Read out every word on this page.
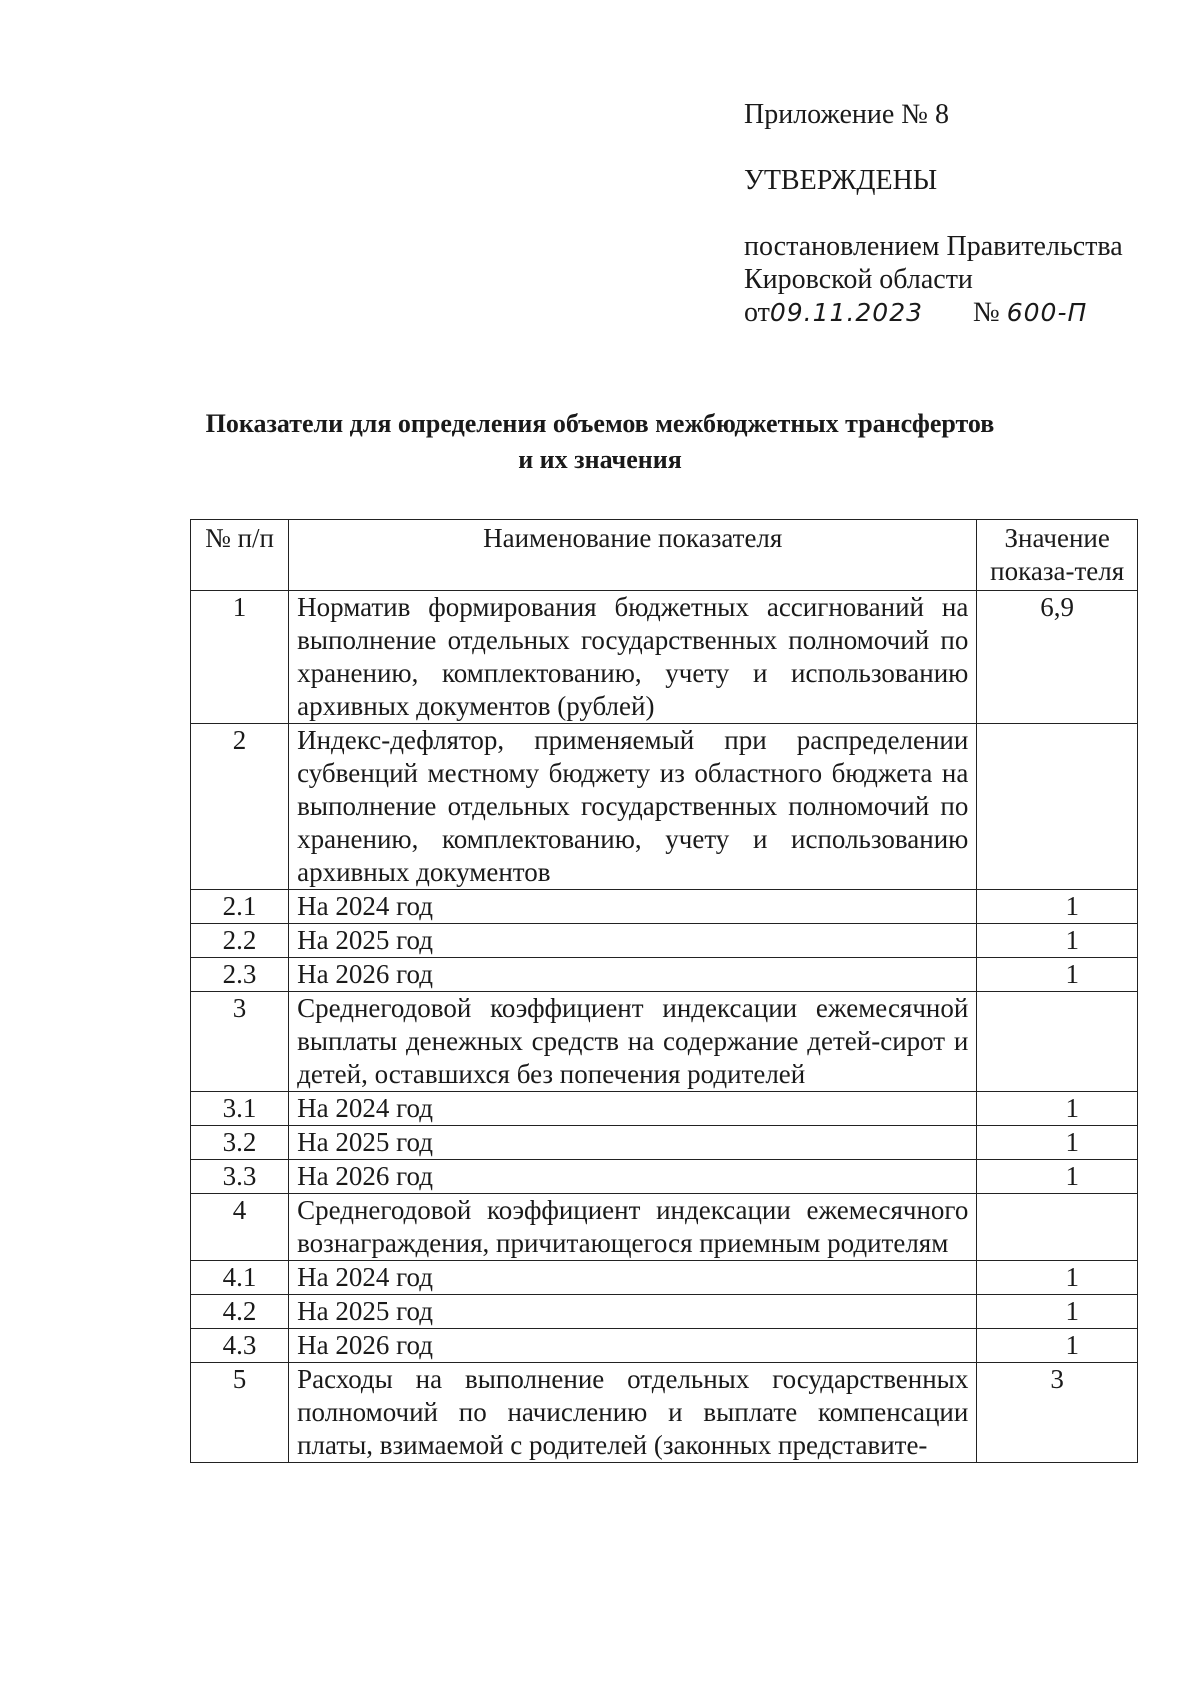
Приложение № 8
УТВЕРЖДЕНЫ
постановлением Правительства
Кировской области
от09.11.2023 № 600-П
Показатели для определения объемов межбюджетных трансфертов
и их значения
№ п/п	Наименование показателя	Значение показа-теля
1	Норматив формирования бюджетных ассигнований на выполнение отдельных государственных полномочий по хранению, комплектованию, учету и использованию архивных документов (рублей)	6,9
2	Индекс-дефлятор, применяемый при распределении субвенций местному бюджету из областного бюджета на выполнение отдельных государственных полномочий по хранению, комплектованию, учету и использованию архивных документов	
2.1	На 2024 год	1
2.2	На 2025 год	1
2.3	На 2026 год	1
3	Среднегодовой коэффициент индексации ежемесячной выплаты денежных средств на содержание детей-сирот и детей, оставшихся без попечения родителей	
3.1	На 2024 год	1
3.2	На 2025 год	1
3.3	На 2026 год	1
4	Среднегодовой коэффициент индексации ежемесячного вознаграждения, причитающегося приемным родителям	
4.1	На 2024 год	1
4.2	На 2025 год	1
4.3	На 2026 год	1
5	Расходы на выполнение отдельных государственных полномочий по начислению и выплате компенсации платы, взимаемой с родителей (законных представите-	3
